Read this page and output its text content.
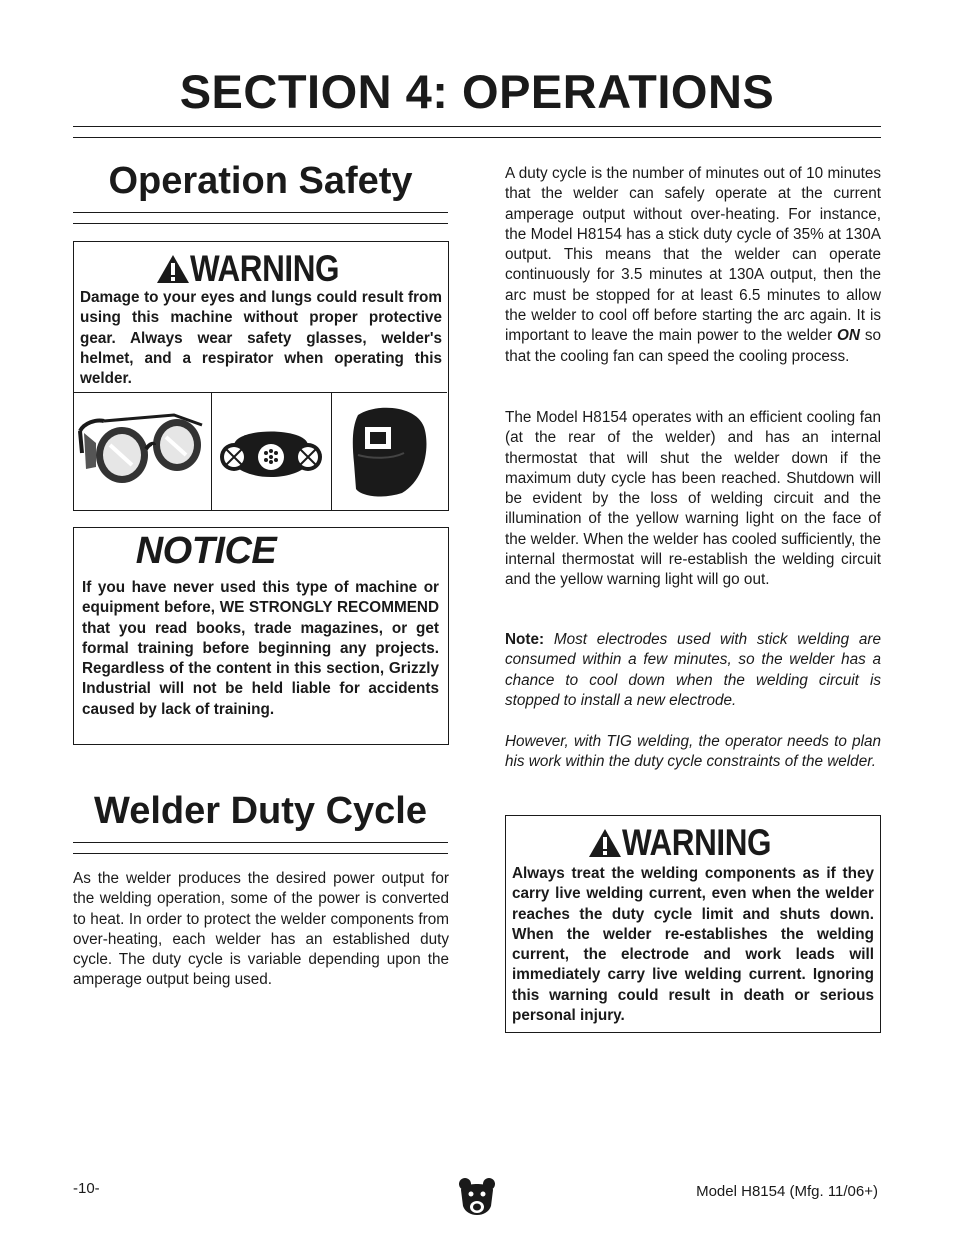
SECTION 4: OPERATIONS
Operation Safety
WARNING
Damage to your eyes and lungs could result from using this machine without proper protective gear. Always wear safety glasses, welder's helmet, and a respirator when operating this welder.
NOTICE
If you have never used this type of machine or equipment before, WE STRONGLY RECOMMEND that you read books, trade magazines, or get formal training before beginning any projects. Regardless of the content in this section, Grizzly Industrial will not be held liable for accidents caused by lack of training.
Welder Duty Cycle
As the welder produces the desired power output for the welding operation, some of the power is converted to heat. In order to protect the welder components from over-heating, each welder has an established duty cycle. The duty cycle is variable depending upon the amperage output being used.
A duty cycle is the number of minutes out of 10 minutes that the welder can safely operate at the current amperage output without over-heating. For instance, the Model H8154 has a stick duty cycle of 35% at 130A output. This means that the welder can operate continuously for 3.5 minutes at 130A output, then the arc must be stopped for at least 6.5 minutes to allow the welder to cool off before starting the arc again. It is important to leave the main power to the welder ON so that the cooling fan can speed the cooling process.
The Model H8154 operates with an efficient cooling fan (at the rear of the welder) and has an internal thermostat that will shut the welder down if the maximum duty cycle has been reached. Shutdown will be evident by the loss of welding circuit and the illumination of the yellow warning light on the face of the welder. When the welder has cooled sufficiently, the internal thermostat will re-establish the welding circuit and the yellow warning light will go out.
Note: Most electrodes used with stick welding are consumed within a few minutes, so the welder has a chance to cool down when the welding circuit is stopped to install a new electrode.
However, with TIG welding, the operator needs to plan his work within the duty cycle constraints of the welder.
WARNING
Always treat the welding components as if they carry live welding current, even when the welder reaches the duty cycle limit and shuts down. When the welder re-establishes the welding current, the electrode and work leads will immediately carry live welding current. Ignoring this warning could result in death or serious personal injury.
-10-	Model H8154 (Mfg. 11/06+)
